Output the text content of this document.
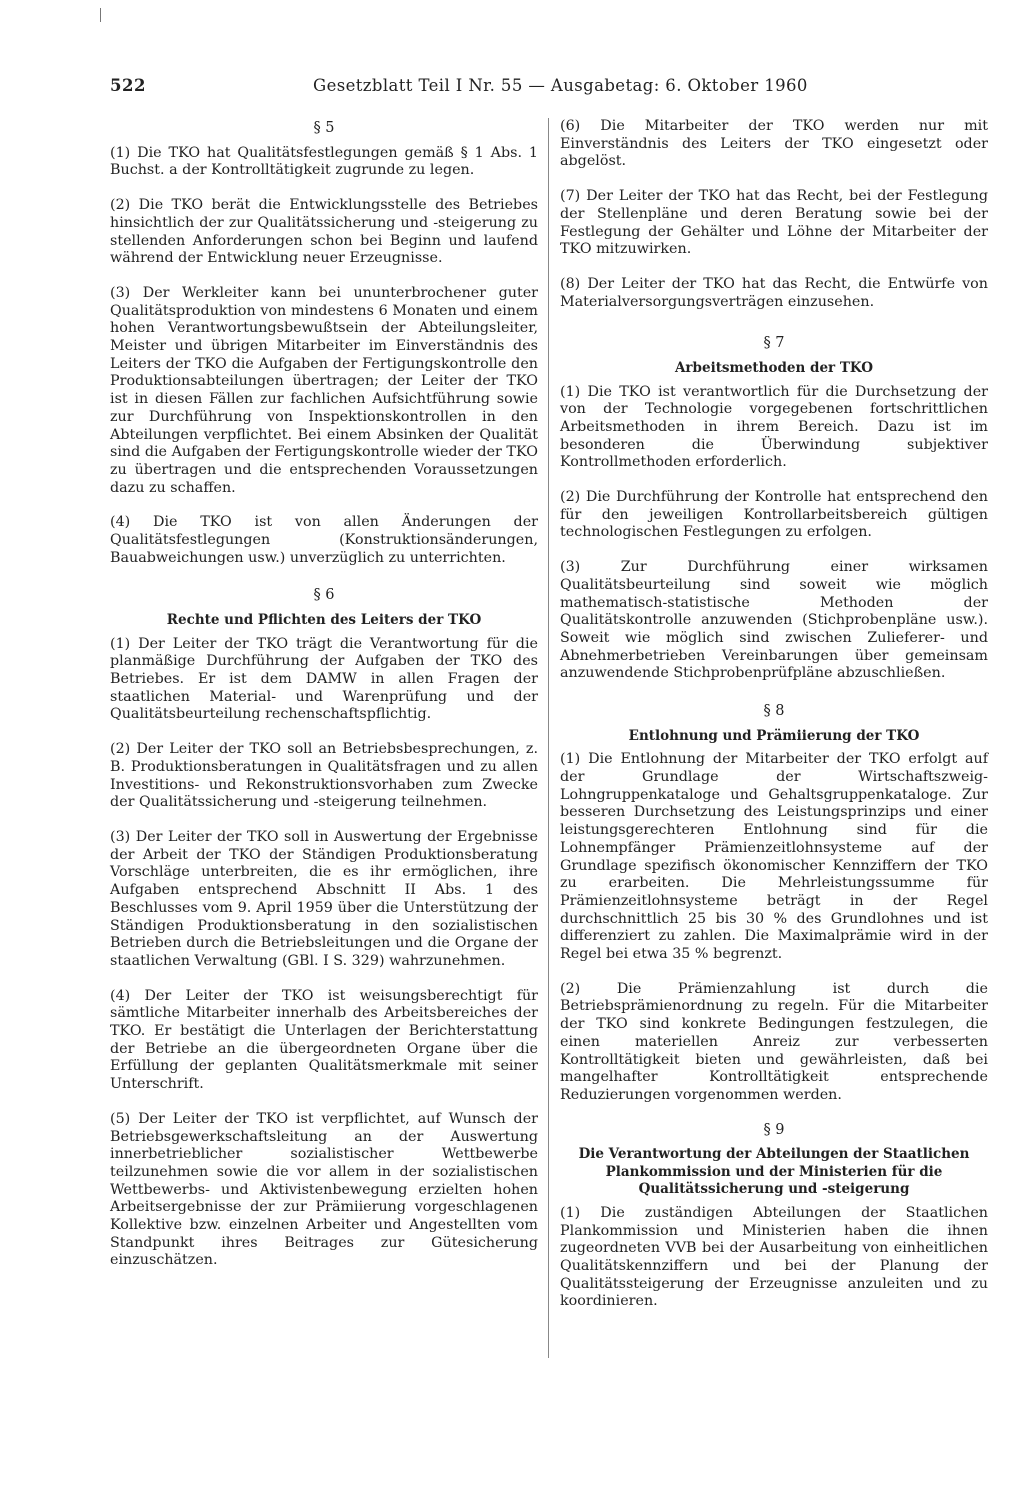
522	Gesetzblatt Teil I Nr. 55 — Ausgabetag: 6. Oktober 1960
§ 5

(1) Die TKO hat Qualitätsfestlegungen gemäß § 1 Abs. 1 Buchst. a der Kontrolltätigkeit zugrunde zu legen.

(2) Die TKO berät die Entwicklungsstelle des Betriebes hinsichtlich der zur Qualitätssicherung und -steigerung zu stellenden Anforderungen schon bei Beginn und laufend während der Entwicklung neuer Erzeugnisse.

(3) Der Werkleiter kann bei ununterbrochener guter Qualitätsproduktion von mindestens 6 Monaten und einem hohen Verantwortungsbewußtsein der Abteilungsleiter, Meister und übrigen Mitarbeiter im Einverständnis des Leiters der TKO die Aufgaben der Fertigungskontrolle den Produktionsabteilungen übertragen; der Leiter der TKO ist in diesen Fällen zur fachlichen Aufsichtführung sowie zur Durchführung von Inspektionskontrollen in den Abteilungen verpflichtet. Bei einem Absinken der Qualität sind die Aufgaben der Fertigungskontrolle wieder der TKO zu übertragen und die entsprechenden Voraussetzungen dazu zu schaffen.

(4) Die TKO ist von allen Änderungen der Qualitätsfestlegungen (Konstruktionsänderungen, Bauabweichungen usw.) unverzüglich zu unterrichten.

§ 6
Rechte und Pflichten des Leiters der TKO

(1) Der Leiter der TKO trägt die Verantwortung für die planmäßige Durchführung der Aufgaben der TKO des Betriebes. Er ist dem DAMW in allen Fragen der staatlichen Material- und Warenprüfung und der Qualitätsbeurteilung rechenschaftspflichtig.

(2) Der Leiter der TKO soll an Betriebsbesprechungen, z. B. Produktionsberatungen in Qualitätsfragen und zu allen Investitions- und Rekonstruktionsvorhaben zum Zwecke der Qualitätssicherung und -steigerung teilnehmen.

(3) Der Leiter der TKO soll in Auswertung der Ergebnisse der Arbeit der TKO der Ständigen Produktionsberatung Vorschläge unterbreiten, die es ihr ermöglichen, ihre Aufgaben entsprechend Abschnitt II Abs. 1 des Beschlusses vom 9. April 1959 über die Unterstützung der Ständigen Produktionsberatung in den sozialistischen Betrieben durch die Betriebsleitungen und die Organe der staatlichen Verwaltung (GBl. I S. 329) wahrzunehmen.

(4) Der Leiter der TKO ist weisungsberechtigt für sämtliche Mitarbeiter innerhalb des Arbeitsbereiches der TKO. Er bestätigt die Unterlagen der Berichterstattung der Betriebe an die übergeordneten Organe über die Erfüllung der geplanten Qualitätsmerkmale mit seiner Unterschrift.

(5) Der Leiter der TKO ist verpflichtet, auf Wunsch der Betriebsgewerkschaftsleitung an der Auswertung innerbetrieblicher sozialistischer Wettbewerbe teilzunehmen sowie die vor allem in der sozialistischen Wettbewerbs- und Aktivistenbewegung erzielten hohen Arbeitsergebnisse der zur Prämiierung vorgeschlagenen Kollektive bzw. einzelnen Arbeiter und Angestellten vom Standpunkt ihres Beitrages zur Gütesicherung einzuschätzen.

(6) Die Mitarbeiter der TKO werden nur mit Einverständnis des Leiters der TKO eingesetzt oder abgelöst.

(7) Der Leiter der TKO hat das Recht, bei der Festlegung der Stellenpläne und deren Beratung sowie bei der Festlegung der Gehälter und Löhne der Mitarbeiter der TKO mitzuwirken.

(8) Der Leiter der TKO hat das Recht, die Entwürfe von Materialversorgungsverträgen einzusehen.

§ 7
Arbeitsmethoden der TKO

(1) Die TKO ist verantwortlich für die Durchsetzung der von der Technologie vorgegebenen fortschrittlichen Arbeitsmethoden in ihrem Bereich. Dazu ist im besonderen die Überwindung subjektiver Kontrollmethoden erforderlich.

(2) Die Durchführung der Kontrolle hat entsprechend den für den jeweiligen Kontrollarbeitsbereich gültigen technologischen Festlegungen zu erfolgen.

(3) Zur Durchführung einer wirksamen Qualitätsbeurteilung sind soweit wie möglich mathematisch-statistische Methoden der Qualitätskontrolle anzuwenden (Stichprobenpläne usw.). Soweit wie möglich sind zwischen Zulieferer- und Abnehmerbetrieben Vereinbarungen über gemeinsam anzuwendende Stichprobenprüfpläne abzuschließen.

§ 8
Entlohnung und Prämiierung der TKO

(1) Die Entlohnung der Mitarbeiter der TKO erfolgt auf der Grundlage der Wirtschaftszweig-Lohngruppenkataloge und Gehaltsgruppenkataloge. Zur besseren Durchsetzung des Leistungsprinzips und einer leistungsgerechteren Entlohnung sind für die Lohnempfänger Prämienzeitlohnsysteme auf der Grundlage spezifisch ökonomischer Kennziffern der TKO zu erarbeiten. Die Mehrleistungssumme für Prämienzeitlohnsysteme beträgt in der Regel durchschnittlich 25 bis 30 % des Grundlohnes und ist differenziert zu zahlen. Die Maximalprämie wird in der Regel bei etwa 35 % begrenzt.

(2) Die Prämienzahlung ist durch die Betriebsprämienordnung zu regeln. Für die Mitarbeiter der TKO sind konkrete Bedingungen festzulegen, die einen materiellen Anreiz zur verbesserten Kontrolltätigkeit bieten und gewährleisten, daß bei mangelhafter Kontrolltätigkeit entsprechende Reduzierungen vorgenommen werden.

§ 9
Die Verantwortung der Abteilungen der Staatlichen Plankommission und der Ministerien für die Qualitätssicherung und -steigerung

(1) Die zuständigen Abteilungen der Staatlichen Plankommission und Ministerien haben die ihnen zugeordneten VVB bei der Ausarbeitung von einheitlichen Qualitätskennziffern und bei der Planung der Qualitätssteigerung der Erzeugnisse anzuleiten und zu koordinieren.
